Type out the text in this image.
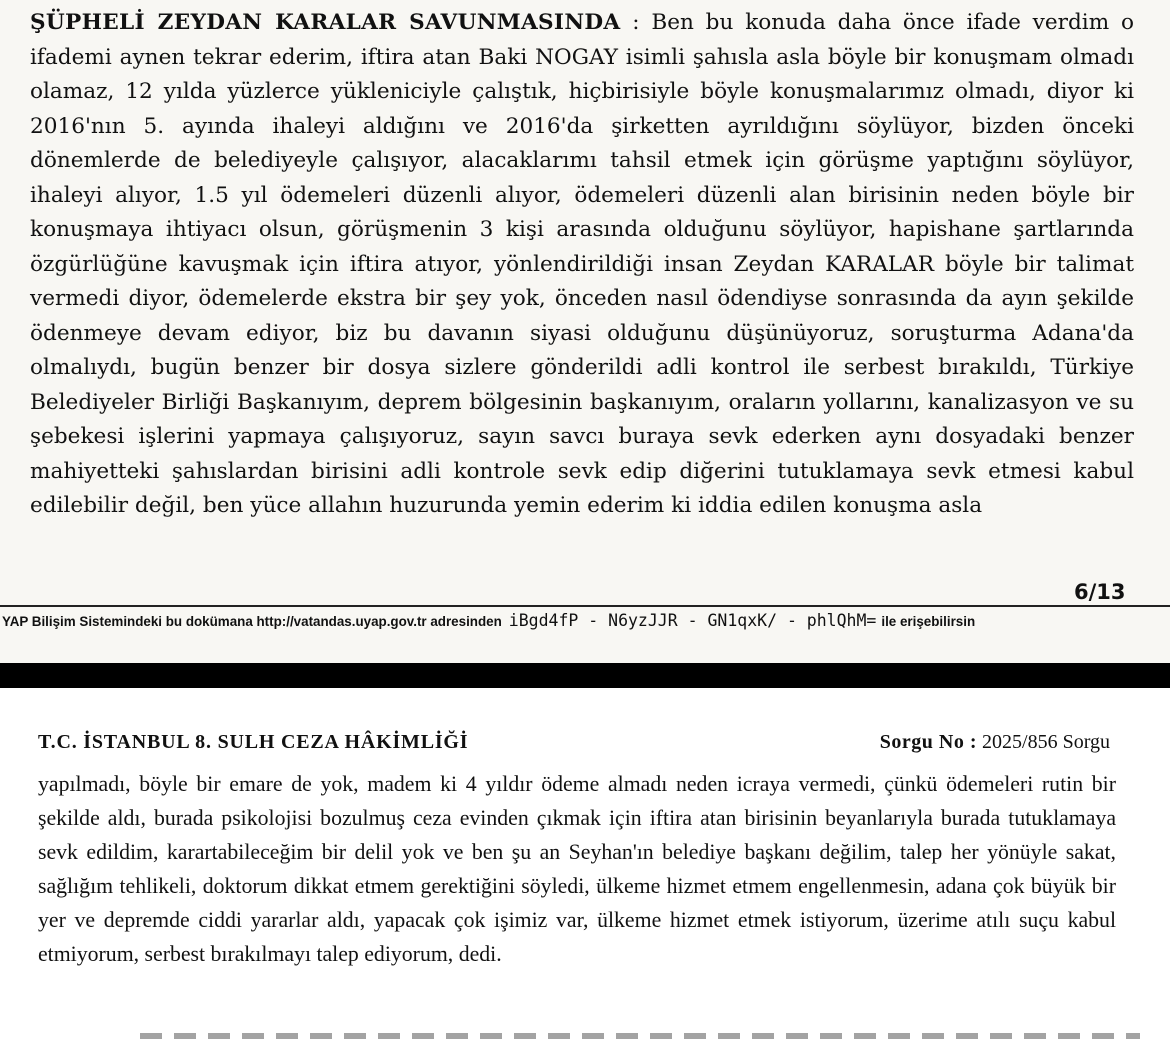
ŞÜPHELİ ZEYDAN KARALAR SAVUNMASINDA : Ben bu konuda daha önce ifade verdim o ifademi aynen tekrar ederim, iftira atan Baki NOGAY isimli şahısla asla böyle bir konuşmam olmadı olamaz, 12 yılda yüzlerce yükleniciyle çalıştık, hiçbirisiyle böyle konuşmalarımız olmadı, diyor ki 2016'nın 5. ayında ihaleyi aldığını ve 2016'da şirketten ayrıldığını söylüyor, bizden önceki dönemlerde de belediyeyle çalışıyor, alacaklarımı tahsil etmek için görüşme yaptığını söylüyor, ihaleyi alıyor, 1.5 yıl ödemeleri düzenli alıyor, ödemeleri düzenli alan birisinin neden böyle bir konuşmaya ihtiyacı olsun, görüşmenin 3 kişi arasında olduğunu söylüyor, hapishane şartlarında özgürlüğüne kavuşmak için iftira atıyor, yönlendirildiği insan Zeydan KARALAR böyle bir talimat vermedi diyor, ödemelerde ekstra bir şey yok, önceden nasıl ödendiyse sonrasında da ayın şekilde ödenmeye devam ediyor, biz bu davanın siyasi olduğunu düşünüyoruz, soruşturma Adana'da olmalıydı, bugün benzer bir dosya sizlere gönderildi adli kontrol ile serbest bırakıldı, Türkiye Belediyeler Birliği Başkanıyım, deprem bölgesinin başkanıyım, oraların yollarını, kanalizasyon ve su şebekesi işlerini yapmaya çalışıyoruz, sayın savcı buraya sevk ederken aynı dosyadaki benzer mahiyetteki şahıslardan birisini adli kontrole sevk edip diğerini tutuklamaya sevk etmesi kabul edilebilir değil, ben yüce allahın huzurunda yemin ederim ki iddia edilen konuşma asla
6/13
YAP Bilişim Sistemindeki bu dokümana http://vatandas.uyap.gov.tr adresinden iBgd4fP - N6yzJJR - GN1qxK/ - phlQhM= ile erişebilirsin
T.C. İSTANBUL 8. SULH CEZA HÂKİMLİĞİ	Sorgu No : 2025/856 Sorgu
yapılmadı, böyle bir emare de yok, madem ki 4 yıldır ödeme almadı neden icraya vermedi, çünkü ödemeleri rutin bir şekilde aldı, burada psikolojisi bozulmuş ceza evinden çıkmak için iftira atan birisinin beyanlarıyla burada tutuklamaya sevk edildim, karartabileceğim bir delil yok ve ben şu an Seyhan'ın belediye başkanı değilim, talep her yönüyle sakat, sağlığım tehlikeli, doktorum dikkat etmem gerektiğini söyledi, ülkeme hizmet etmem engellenmesin, adana çok büyük bir yer ve depremde ciddi yararlar aldı, yapacak çok işimiz var, ülkeme hizmet etmek istiyorum, üzerime atılı suçu kabul etmiyorum, serbest bırakılmayı talep ediyorum, dedi.
